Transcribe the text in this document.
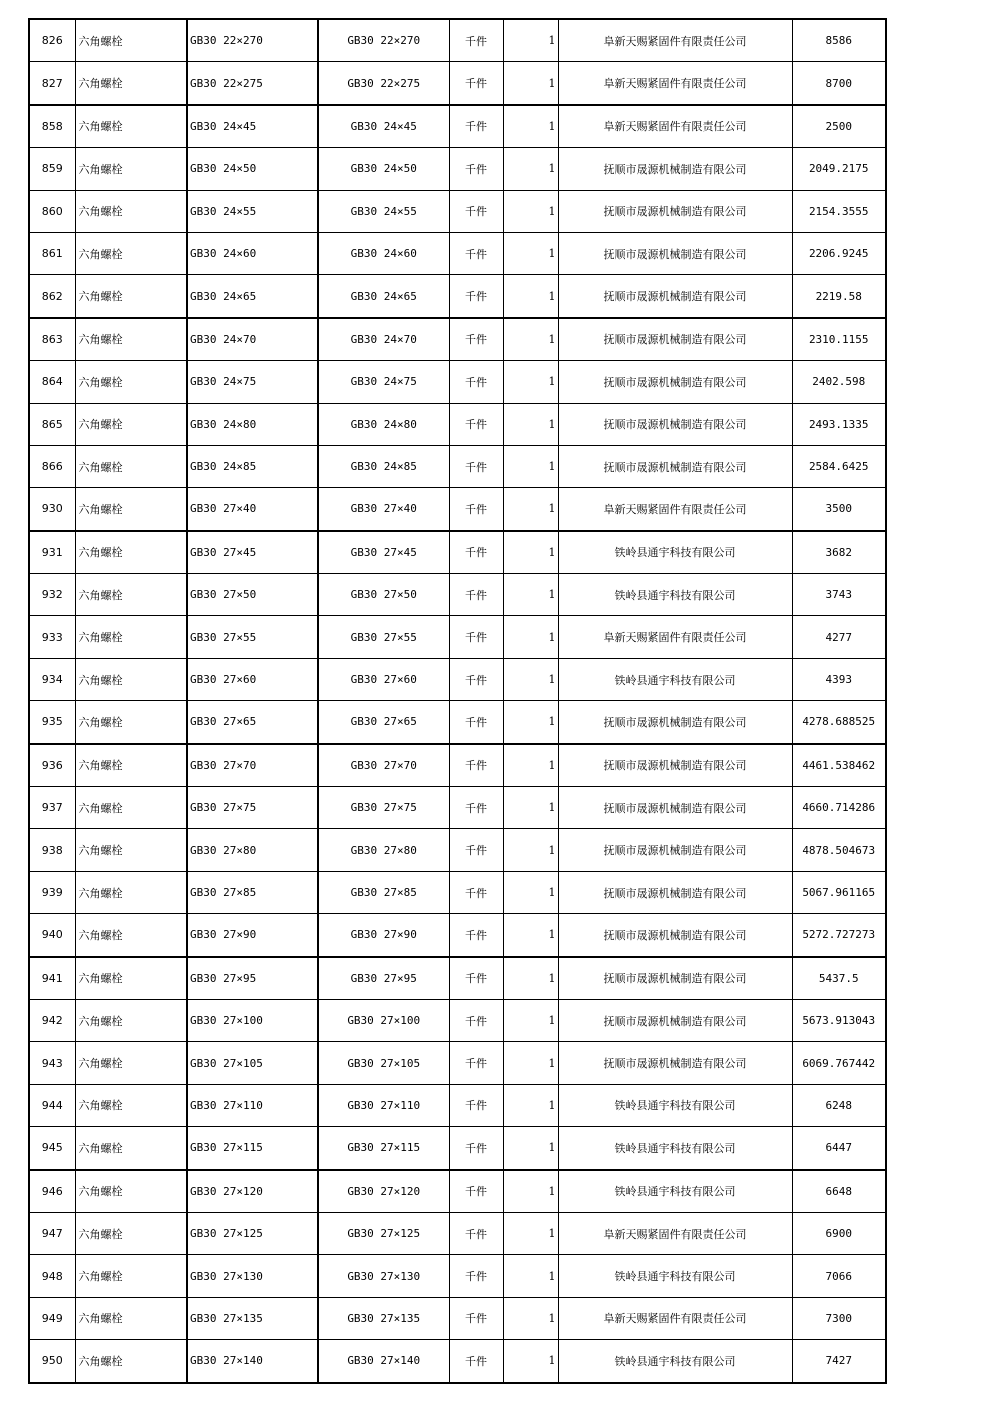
826	六角螺栓	GB30 22×270	GB30 22×270	千件	1	阜新天赐紧固件有限责任公司	8586
827	六角螺栓	GB30 22×275	GB30 22×275	千件	1	阜新天赐紧固件有限责任公司	8700
858	六角螺栓	GB30 24×45	GB30 24×45	千件	1	阜新天赐紧固件有限责任公司	2500
859	六角螺栓	GB30 24×50	GB30 24×50	千件	1	抚顺市晟源机械制造有限公司	2049.2175
860	六角螺栓	GB30 24×55	GB30 24×55	千件	1	抚顺市晟源机械制造有限公司	2154.3555
861	六角螺栓	GB30 24×60	GB30 24×60	千件	1	抚顺市晟源机械制造有限公司	2206.9245
862	六角螺栓	GB30 24×65	GB30 24×65	千件	1	抚顺市晟源机械制造有限公司	2219.58
863	六角螺栓	GB30 24×70	GB30 24×70	千件	1	抚顺市晟源机械制造有限公司	2310.1155
864	六角螺栓	GB30 24×75	GB30 24×75	千件	1	抚顺市晟源机械制造有限公司	2402.598
865	六角螺栓	GB30 24×80	GB30 24×80	千件	1	抚顺市晟源机械制造有限公司	2493.1335
866	六角螺栓	GB30 24×85	GB30 24×85	千件	1	抚顺市晟源机械制造有限公司	2584.6425
930	六角螺栓	GB30 27×40	GB30 27×40	千件	1	阜新天赐紧固件有限责任公司	3500
931	六角螺栓	GB30 27×45	GB30 27×45	千件	1	铁岭县通宇科技有限公司	3682
932	六角螺栓	GB30 27×50	GB30 27×50	千件	1	铁岭县通宇科技有限公司	3743
933	六角螺栓	GB30 27×55	GB30 27×55	千件	1	阜新天赐紧固件有限责任公司	4277
934	六角螺栓	GB30 27×60	GB30 27×60	千件	1	铁岭县通宇科技有限公司	4393
935	六角螺栓	GB30 27×65	GB30 27×65	千件	1	抚顺市晟源机械制造有限公司	4278.688525
936	六角螺栓	GB30 27×70	GB30 27×70	千件	1	抚顺市晟源机械制造有限公司	4461.538462
937	六角螺栓	GB30 27×75	GB30 27×75	千件	1	抚顺市晟源机械制造有限公司	4660.714286
938	六角螺栓	GB30 27×80	GB30 27×80	千件	1	抚顺市晟源机械制造有限公司	4878.504673
939	六角螺栓	GB30 27×85	GB30 27×85	千件	1	抚顺市晟源机械制造有限公司	5067.961165
940	六角螺栓	GB30 27×90	GB30 27×90	千件	1	抚顺市晟源机械制造有限公司	5272.727273
941	六角螺栓	GB30 27×95	GB30 27×95	千件	1	抚顺市晟源机械制造有限公司	5437.5
942	六角螺栓	GB30 27×100	GB30 27×100	千件	1	抚顺市晟源机械制造有限公司	5673.913043
943	六角螺栓	GB30 27×105	GB30 27×105	千件	1	抚顺市晟源机械制造有限公司	6069.767442
944	六角螺栓	GB30 27×110	GB30 27×110	千件	1	铁岭县通宇科技有限公司	6248
945	六角螺栓	GB30 27×115	GB30 27×115	千件	1	铁岭县通宇科技有限公司	6447
946	六角螺栓	GB30 27×120	GB30 27×120	千件	1	铁岭县通宇科技有限公司	6648
947	六角螺栓	GB30 27×125	GB30 27×125	千件	1	阜新天赐紧固件有限责任公司	6900
948	六角螺栓	GB30 27×130	GB30 27×130	千件	1	铁岭县通宇科技有限公司	7066
949	六角螺栓	GB30 27×135	GB30 27×135	千件	1	阜新天赐紧固件有限责任公司	7300
950	六角螺栓	GB30 27×140	GB30 27×140	千件	1	铁岭县通宇科技有限公司	7427
